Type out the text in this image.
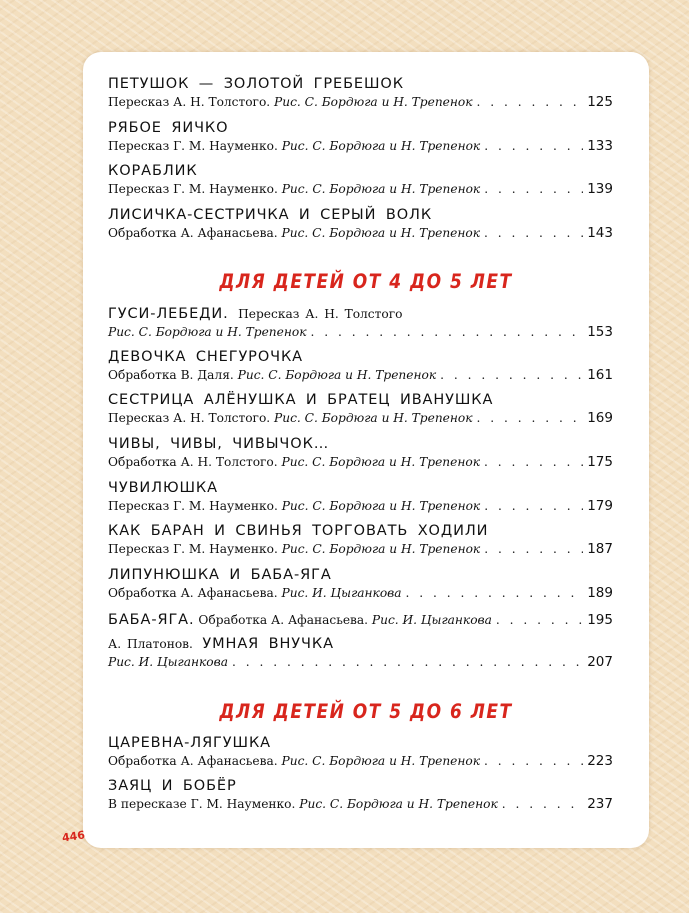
ПЕТУШОК — ЗОЛОТОЙ ГРЕБЕШОК
Пересказ А. Н. Толстого.
Рис. С. Бордюга и Н. Трепенок . . .	125
РЯБОЕ ЯИЧКО
Пересказ Г. М. Науменко.
Рис. С. Бордюга и Н. Трепенок . . .	133
КОРАБЛИК
Пересказ Г. М. Науменко.
Рис. С. Бордюга и Н. Трепенок . . .	139
ЛИСИЧКА-СЕСТРИЧКА И СЕРЫЙ ВОЛК
Обработка А. Афанасьева.
Рис. С. Бордюга и Н. Трепенок . . .	143
ДЛЯ ДЕТЕЙ ОТ 4 ДО 5 ЛЕТ
ГУСИ-ЛЕБЕДИ. Пересказ А. Н. Толстого
Рис. С. Бордюга и Н. Трепенок . . .	153
ДЕВОЧКА СНЕГУРОЧКА
Обработка В. Даля.
Рис. С. Бордюга и Н. Трепенок . . .	161
СЕСТРИЦА АЛЁНУШКА И БРАТЕЦ ИВАНУШКА
Пересказ А. Н. Толстого.
Рис. С. Бордюга и Н. Трепенок . . .	169
ЧИВЫ, ЧИВЫ, ЧИВЫЧОК…
Обработка А. Н. Толстого.
Рис. С. Бордюга и Н. Трепенок . . .	175
ЧУВИЛЮШКА
Пересказ Г. М. Науменко.
Рис. С. Бордюга и Н. Трепенок . . .	179
КАК БАРАН И СВИНЬЯ ТОРГОВАТЬ ХОДИЛИ
Пересказ Г. М. Науменко.
Рис. С. Бордюга и Н. Трепенок . . .	187
ЛИПУНЮШКА И БАБА-ЯГА
Обработка А. Афанасьева.
Рис. И. Цыганкова . . .	189
БАБА-ЯГА.
Обработка А. Афанасьева.
Рис. И. Цыганкова . . .	195
А. Платонов. УМНАЯ ВНУЧКА
Рис. И. Цыганкова . . .	207
ДЛЯ ДЕТЕЙ ОТ 5 ДО 6 ЛЕТ
ЦАРЕВНА-ЛЯГУШКА
Обработка А. Афанасьева.
Рис. С. Бордюга и Н. Трепенок . . .	223
ЗАЯЦ И БОБЁР
В пересказе Г. М. Науменко.
Рис. С. Бордюга и Н. Трепенок . . .	237
446
